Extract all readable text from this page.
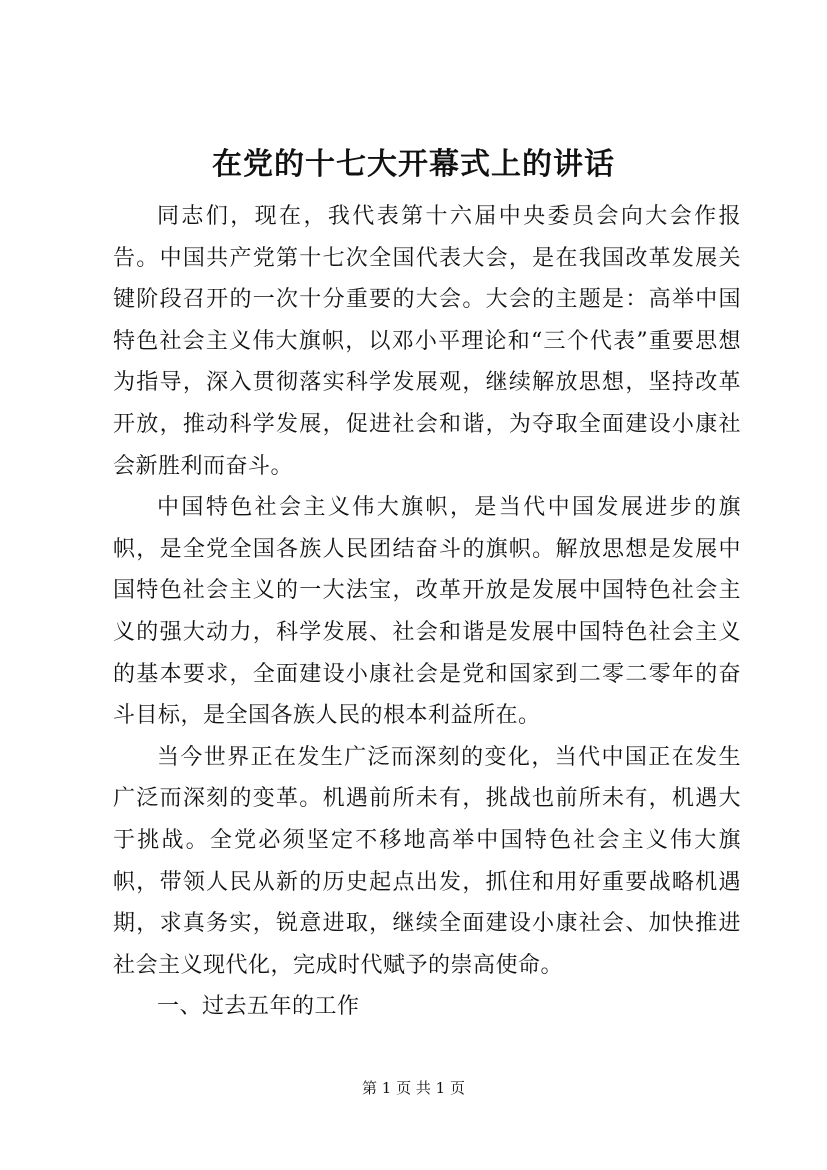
在党的十七大开幕式上的讲话

同志们，现在，我代表第十六届中央委员会向大会作报告。中国共产党第十七次全国代表大会，是在我国改革发展关键阶段召开的一次十分重要的大会。大会的主题是：高举中国特色社会主义伟大旗帜，以邓小平理论和“三个代表”重要思想为指导，深入贯彻落实科学发展观，继续解放思想，坚持改革开放，推动科学发展，促进社会和谐，为夺取全面建设小康社会新胜利而奋斗。

中国特色社会主义伟大旗帜，是当代中国发展进步的旗帜，是全党全国各族人民团结奋斗的旗帜。解放思想是发展中国特色社会主义的一大法宝，改革开放是发展中国特色社会主义的强大动力，科学发展、社会和谐是发展中国特色社会主义的基本要求，全面建设小康社会是党和国家到二零二零年的奋斗目标，是全国各族人民的根本利益所在。

当今世界正在发生广泛而深刻的变化，当代中国正在发生广泛而深刻的变革。机遇前所未有，挑战也前所未有，机遇大于挑战。全党必须坚定不移地高举中国特色社会主义伟大旗帜，带领人民从新的历史起点出发，抓住和用好重要战略机遇期，求真务实，锐意进取，继续全面建设小康社会、加快推进社会主义现代化，完成时代赋予的崇高使命。

一、过去五年的工作

第 1 页 共 1 页
